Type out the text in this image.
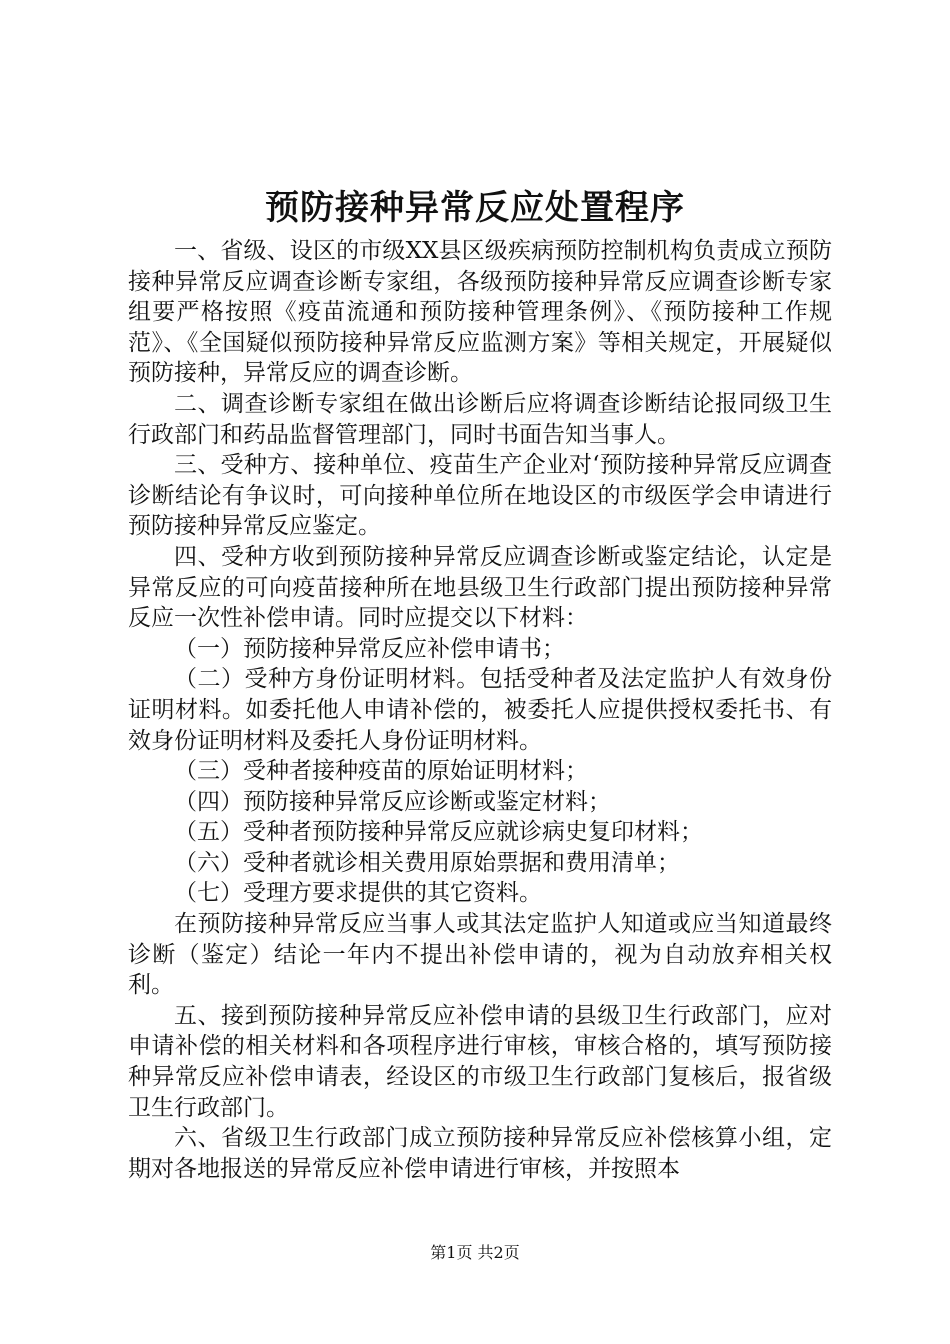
预防接种异常反应处置程序

一、省级、设区的市级XX县区级疾病预防控制机构负责成立预防接种异常反应调查诊断专家组，各级预防接种异常反应调查诊断专家组要严格按照《疫苗流通和预防接种管理条例》、《预防接种工作规范》、《全国疑似预防接种异常反应监测方案》等相关规定，开展疑似预防接种，异常反应的调查诊断。

二、调查诊断专家组在做出诊断后应将调查诊断结论报同级卫生行政部门和药品监督管理部门，同时书面告知当事人。

三、受种方、接种单位、疫苗生产企业对‘预防接种异常反应调查诊断结论有争议时，可向接种单位所在地设区的市级医学会申请进行预防接种异常反应鉴定。

四、受种方收到预防接种异常反应调查诊断或鉴定结论，认定是异常反应的可向疫苗接种所在地县级卫生行政部门提出预防接种异常反应一次性补偿申请。同时应提交以下材料：

（一）预防接种异常反应补偿申请书；

（二）受种方身份证明材料。包括受种者及法定监护人有效身份证明材料。如委托他人申请补偿的，被委托人应提供授权委托书、有效身份证明材料及委托人身份证明材料。

（三）受种者接种疫苗的原始证明材料；

（四）预防接种异常反应诊断或鉴定材料；

（五）受种者预防接种异常反应就诊病史复印材料；

（六）受种者就诊相关费用原始票据和费用清单；

（七）受理方要求提供的其它资料。

在预防接种异常反应当事人或其法定监护人知道或应当知道最终诊断（鉴定）结论一年内不提出补偿申请的，视为自动放弃相关权利。

五、接到预防接种异常反应补偿申请的县级卫生行政部门，应对申请补偿的相关材料和各项程序进行审核，审核合格的，填写预防接种异常反应补偿申请表，经设区的市级卫生行政部门复核后，报省级卫生行政部门。

六、省级卫生行政部门成立预防接种异常反应补偿核算小组，定期对各地报送的异常反应补偿申请进行审核，并按照本

第1页 共2页
